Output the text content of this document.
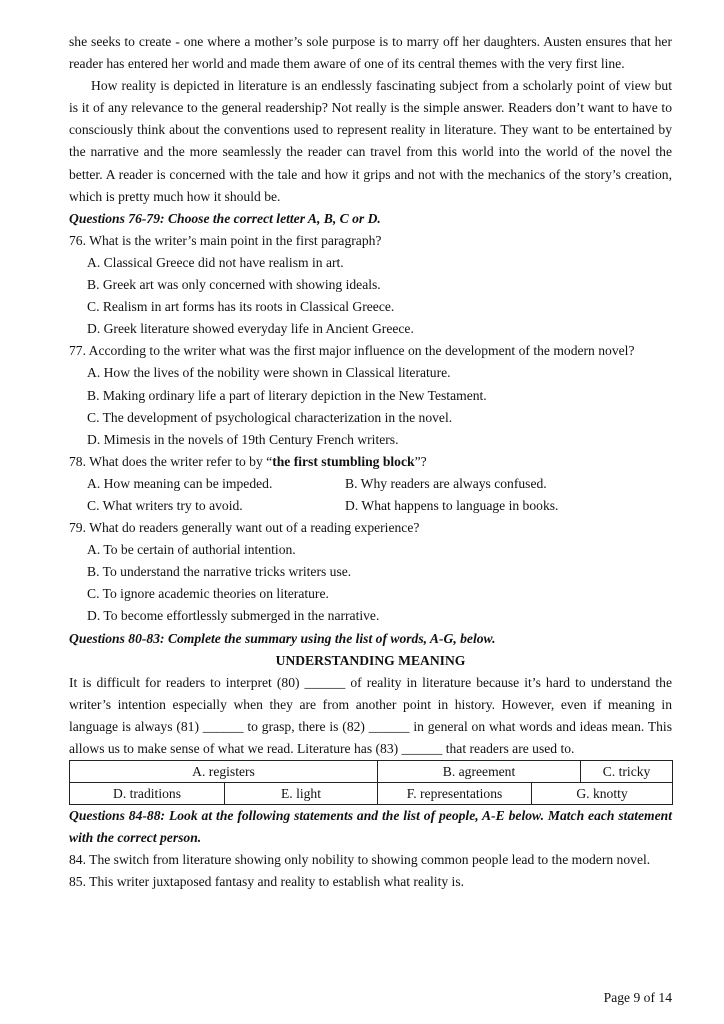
she seeks to create - one where a mother’s sole purpose is to marry off her daughters. Austen ensures that her reader has entered her world and made them aware of one of its central themes with the very first line.

How reality is depicted in literature is an endlessly fascinating subject from a scholarly point of view but is it of any relevance to the general readership? Not really is the simple answer. Readers don’t want to have to consciously think about the conventions used to represent reality in literature. They want to be entertained by the narrative and the more seamlessly the reader can travel from this world into the world of the novel the better. A reader is concerned with the tale and how it grips and not with the mechanics of the story’s creation, which is pretty much how it should be.

Questions 76-79: Choose the correct letter A, B, C or D.

76. What is the writer’s main point in the first paragraph?

A. Classical Greece did not have realism in art.

B. Greek art was only concerned with showing ideals.

C. Realism in art forms has its roots in Classical Greece.

D. Greek literature showed everyday life in Ancient Greece.

77. According to the writer what was the first major influence on the development of the modern novel?

A. How the lives of the nobility were shown in Classical literature.

B. Making ordinary life a part of literary depiction in the New Testament.

C. The development of psychological characterization in the novel.

D. Mimesis in the novels of 19th Century French writers.

78. What does the writer refer to by “the first stumbling block”?

A. How meaning can be impeded.	B. Why readers are always confused.
C. What writers try to avoid.	D. What happens to language in books.

79. What do readers generally want out of a reading experience?

A. To be certain of authorial intention.

B. To understand the narrative tricks writers use.

C. To ignore academic theories on literature.

D. To become effortlessly submerged in the narrative.

Questions 80-83: Complete the summary using the list of words, A-G, below.

UNDERSTANDING MEANING

It is difficult for readers to interpret (80) ______ of reality in literature because it’s hard to understand the writer’s intention especially when they are from another point in history. However, even if meaning in language is always (81) ______ to grasp, there is (82) ______ in general on what words and ideas mean. This allows us to make sense of what we read. Literature has (83) ______ that readers are used to.

A. registers		B. agreement		C. tricky
D. traditions	E. light	F. representations	G. knotty	

Questions 84-88: Look at the following statements and the list of people, A-E below. Match each statement with the correct person.

84. The switch from literature showing only nobility to showing common people lead to the modern novel.

85. This writer juxtaposed fantasy and reality to establish what reality is.

Page 9 of 14
